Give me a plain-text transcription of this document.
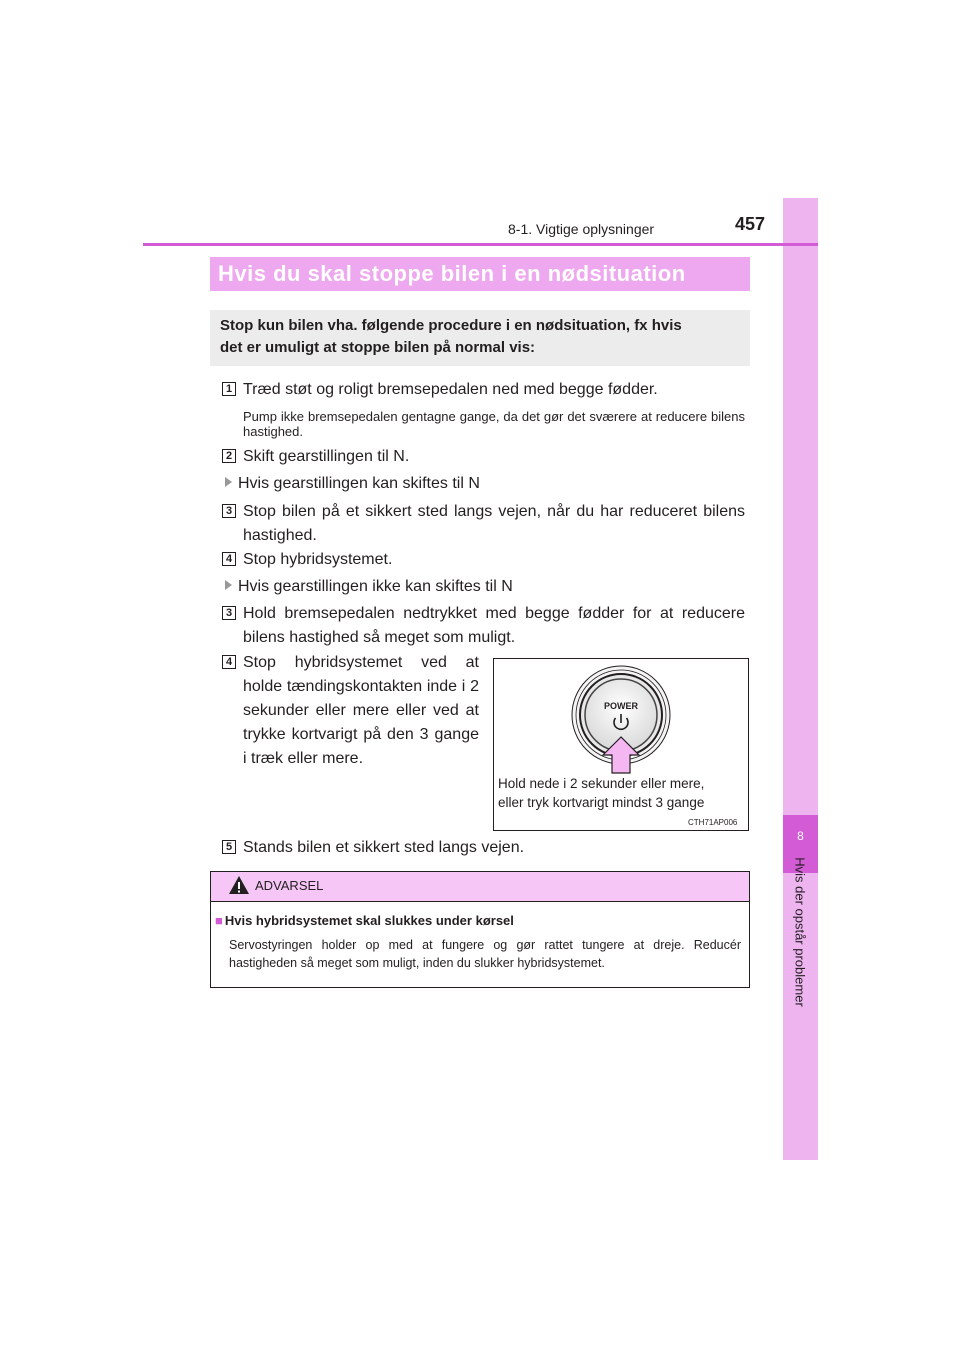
8
Hvis der opstår problemer
8-1. Vigtige oplysninger	457
Hvis du skal stoppe bilen i en nødsituation
Stop kun bilen vha. følgende procedure i en nødsituation, fx hvis
det er umuligt at stoppe bilen på normal vis:
1 Træd støt og roligt bremsepedalen ned med begge fødder.
Pump ikke bremsepedalen gentagne gange, da det gør det sværere at reducere bilens hastighed.
2 Skift gearstillingen til N.
Hvis gearstillingen kan skiftes til N
3 Stop bilen på et sikkert sted langs vejen, når du har reduceret bilens hastighed.
4 Stop hybridsystemet.
Hvis gearstillingen ikke kan skiftes til N
3 Hold bremsepedalen nedtrykket med begge fødder for at reducere bilens hastighed så meget som muligt.
4 Stop hybridsystemet ved at holde tændingskontakten inde i 2 sekunder eller mere eller ved at trykke kortvarigt på den 3 gange i træk eller mere.
POWER
Hold nede i 2 sekunder eller mere,
eller tryk kortvarigt mindst 3 gange
CTH71AP006
5 Stands bilen et sikkert sted langs vejen.
ADVARSEL
■ Hvis hybridsystemet skal slukkes under kørsel
Servostyringen holder op med at fungere og gør rattet tungere at dreje. Reducér hastigheden så meget som muligt, inden du slukker hybridsystemet.
